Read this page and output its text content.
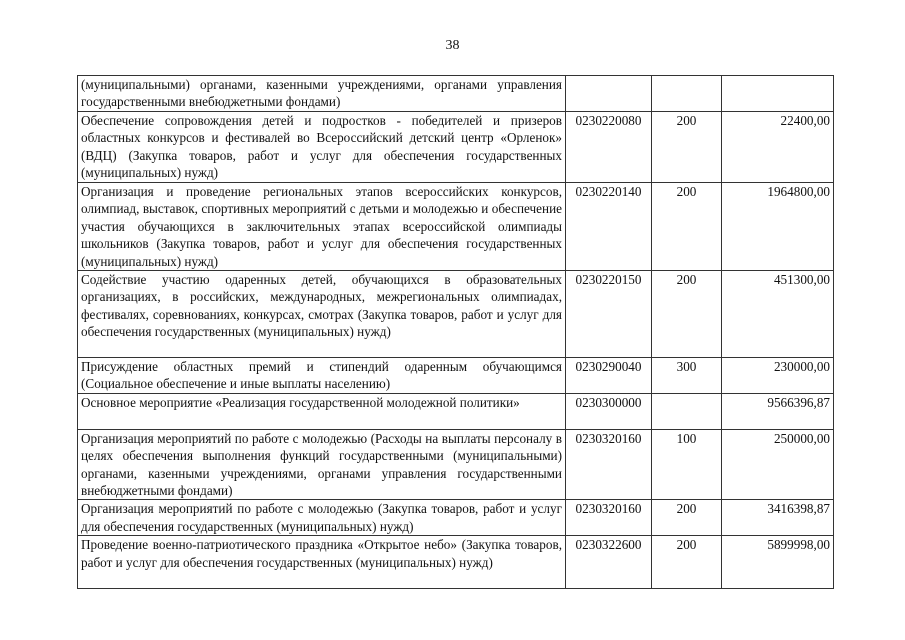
38
(муниципальными) органами, казенными учреждениями, органами управления государственными внебюджетными фондами)			
Обеспечение сопровождения детей и подростков - победителей и призеров областных конкурсов и фестивалей во Всероссийский детский центр «Орленок» (ВДЦ) (Закупка товаров, работ и услуг для обеспечения государственных (муниципальных) нужд)	0230220080	200	22400,00
Организация и проведение региональных этапов всероссийских конкурсов, олимпиад, выставок, спортивных мероприятий с детьми и молодежью и обеспечение участия обучающихся в заключительных этапах всероссийской олимпиады школьников (Закупка товаров, работ и услуг для обеспечения государственных (муниципальных) нужд)	0230220140	200	1964800,00
Содействие участию одаренных детей, обучающихся в образовательных организациях, в российских, международных, межрегиональных олимпиадах, фестивалях, соревнованиях, конкурсах, смотрах (Закупка товаров, работ и услуг для обеспечения государственных (муниципальных) нужд)	0230220150	200	451300,00
Присуждение областных премий и стипендий одаренным обучающимся (Социальное обеспечение и иные выплаты населению)	0230290040	300	230000,00
Основное мероприятие «Реализация государственной молодежной политики»	0230300000		9566396,87
Организация мероприятий по работе с молодежью (Расходы на выплаты персоналу в целях обеспечения выполнения функций государственными (муниципальными) органами, казенными учреждениями, органами управления государственными внебюджетными фондами)	0230320160	100	250000,00
Организация мероприятий по работе с молодежью (Закупка товаров, работ и услуг для обеспечения государственных (муниципальных) нужд)	0230320160	200	3416398,87
Проведение военно-патриотического праздника «Открытое небо» (Закупка товаров, работ и услуг для обеспечения государственных (муниципальных) нужд)	0230322600	200	5899998,00
